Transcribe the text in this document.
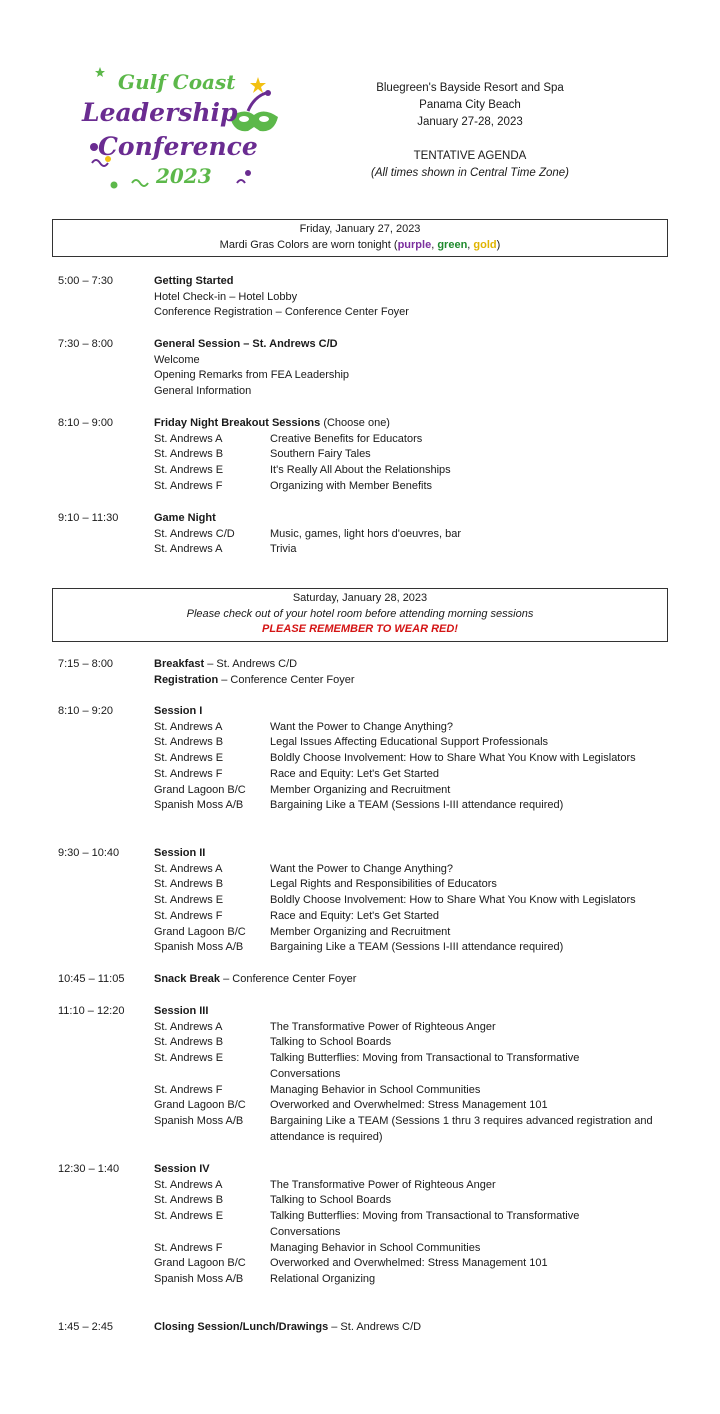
Gulf Coast
Leadership
Conference
2023
Bluegreen's Bayside Resort and Spa
Panama City Beach
January 27-28, 2023
TENTATIVE AGENDA
(All times shown in Central Time Zone)
Friday, January 27, 2023
Mardi Gras Colors are worn tonight (purple, green, gold)
5:00 – 7:30	Getting Started
Hotel Check-in – Hotel Lobby
Conference Registration – Conference Center Foyer
7:30 – 8:00	General Session – St. Andrews C/D
Welcome
Opening Remarks from FEA Leadership
General Information
8:10 – 9:00	Friday Night Breakout Sessions (Choose one)
St. Andrews A	Creative Benefits for Educators
St. Andrews B	Southern Fairy Tales
St. Andrews E	It's Really All About the Relationships
St. Andrews F	Organizing with Member Benefits
9:10 – 11:30	Game Night
St. Andrews C/D	Music, games, light hors d'oeuvres, bar
St. Andrews A	Trivia
Saturday, January 28, 2023
Please check out of your hotel room before attending morning sessions
PLEASE REMEMBER TO WEAR RED!
7:15 – 8:00	Breakfast – St. Andrews C/D
Registration – Conference Center Foyer
8:10 – 9:20	Session I
St. Andrews A	Want the Power to Change Anything?
St. Andrews B	Legal Issues Affecting Educational Support Professionals
St. Andrews E	Boldly Choose Involvement: How to Share What You Know with Legislators
St. Andrews F	Race and Equity: Let's Get Started
Grand Lagoon B/C	Member Organizing and Recruitment
Spanish Moss A/B	Bargaining Like a TEAM (Sessions I-III attendance required)
9:30 – 10:40	Session II
St. Andrews A	Want the Power to Change Anything?
St. Andrews B	Legal Rights and Responsibilities of Educators
St. Andrews E	Boldly Choose Involvement: How to Share What You Know with Legislators
St. Andrews F	Race and Equity: Let's Get Started
Grand Lagoon B/C	Member Organizing and Recruitment
Spanish Moss A/B	Bargaining Like a TEAM (Sessions I-III attendance required)
10:45 – 11:05	Snack Break – Conference Center Foyer
11:10 – 12:20	Session III
St. Andrews A	The Transformative Power of Righteous Anger
St. Andrews B	Talking to School Boards
St. Andrews E	Talking Butterflies: Moving from Transactional to Transformative Conversations
St. Andrews F	Managing Behavior in School Communities
Grand Lagoon B/C	Overworked and Overwhelmed: Stress Management 101
Spanish Moss A/B	Bargaining Like a TEAM (Sessions 1 thru 3 requires advanced registration and attendance is required)
12:30 – 1:40	Session IV
St. Andrews A	The Transformative Power of Righteous Anger
St. Andrews B	Talking to School Boards
St. Andrews E	Talking Butterflies: Moving from Transactional to Transformative Conversations
St. Andrews F	Managing Behavior in School Communities
Grand Lagoon B/C	Overworked and Overwhelmed: Stress Management 101
Spanish Moss A/B	Relational Organizing
1:45 – 2:45	Closing Session/Lunch/Drawings – St. Andrews C/D
